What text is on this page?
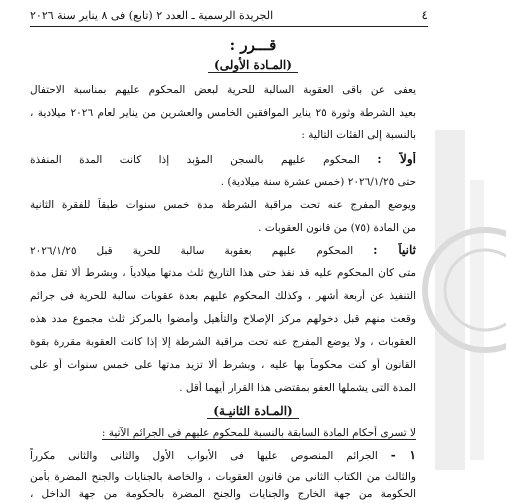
٤
الجريدة الرسمية ـ العدد ٢ (تابع) فى ٨ يناير سنة ٢٠٢٦
قـــرر :
(المـادة الأولى)
يعفى عن باقى العقوبة السالبة للحرية لبعض المحكوم عليهم بمناسبة الاحتفال
بعيد الشرطة وثورة ٢٥ يناير الموافقين الخامس والعشرين من يناير لعام ٢٠٢٦ ميلادية ،
بالنسبة إلى الفئات التالية :
أولاً : المحكوم عليهم بالسجن المؤبد إذا كانت المدة المنفذة
حتى ٢٠٢٦/١/٢٥ (خمس عشرة سنة ميلادية) .
ويوضع المفرج عنه تحت مراقبة الشرطة مدة خمس سنوات طبقاً للفقرة الثانية
من المادة (٧٥) من قانون العقوبات .
ثانياً : المحكوم عليهم بعقوبة سالبة للحرية قبل ٢٠٢٦/١/٢٥
متى كان المحكوم عليه قد نفذ حتى هذا التاريخ ثلث مدتها ميلادياً ، وبشرط ألا تقل مدة
التنفيذ عن أربعة أشهر ، وكذلك المحكوم عليهم بعدة عقوبات سالبة للحرية فى جرائم
وقعت منهم قبل دخولهم مركز الإصلاح والتأهيل وأمضوا بالمركز ثلث مجموع مدد هذه
العقوبات ، ولا يوضع المفرج عنه تحت مراقبة الشرطة إلا إذا كانت العقوبة مقررة بقوة
القانون أو كنت محكوماً بها عليه ، وبشرط ألا تزيد مدتها على خمس سنوات أو على
المدة التى يشملها العفو بمقتضى هذا القرار أيهما أقل .
(المـادة الثانيـة)
لا تسرى أحكام المادة السابقة بالنسبة للمحكوم عليهم فى الجرائم الآتية :
١ - الجرائم المنصوص عليها فى الأبواب الأول والثانى والثانى مكرراً
والثالث من الكتاب الثانى من قانون العقوبات ، والخاصة بالجنايات والجنح المضرة بأمن
الحكومة من جهة الخارج والجنايات والجنح المضرة بالحكومة من جهة الداخل ،
